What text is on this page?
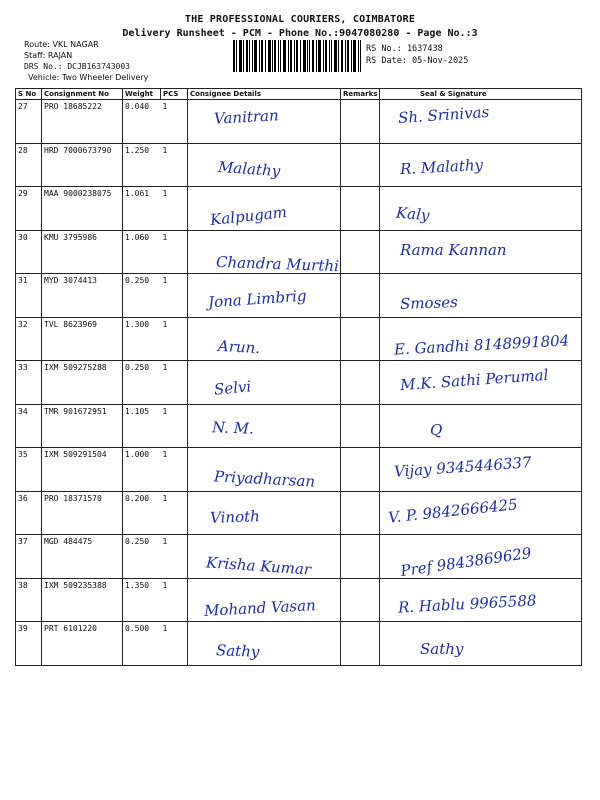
THE PROFESSIONAL COURIERS, COIMBATORE
Delivery Runsheet - PCM - Phone No.:9047080280 - Page No.:3
Route: VKL NAGAR
Staff: RAJAN
DRS No.: DCJB163743003
Vehicle: Two Wheeler Delivery
RS No.: 1637438
RS Date: 05-Nov-2025
S No	Consignment No	Weight	PCS	Consignee Details	Remarks	Seal & Signature
27	PRO 18685222	0.040	1	Vanitran		Sh. Srinivas

28	HRD 7000673790	1.250	1	Malathy		R. Malathy

29	MAA 9000238075	1.061	1	Kalpugam		Kaly

30	KMU 3795986	1.060	1	Chandra Murthi		Rama Kannan

31	MYD 3074413	0.250	1	Jona Limbrig		Smoses

32	TVL 8623969	1.300	1	Arun.		E. Gandhi 8148991804

33	IXM 509275288	0.250	1	Selvi		M.K. Sathi Perumal

34	TMR 901672951	1.105	1	N. M.		Q

35	IXM 509291504	1.000	1	Priyadharsan		Vijay 9345446337

36	PRO 18371570	0.200	1	Vinoth		V. P. 9842666425

37	MGD 484475	0.250	1	Krisha Kumar		Pref 9843869629

38	IXM 509235388	1.350	1	Mohand Vasan		R. Hablu 9965588

39	PRT 6101220	0.500	1	Sathy		Sathy
